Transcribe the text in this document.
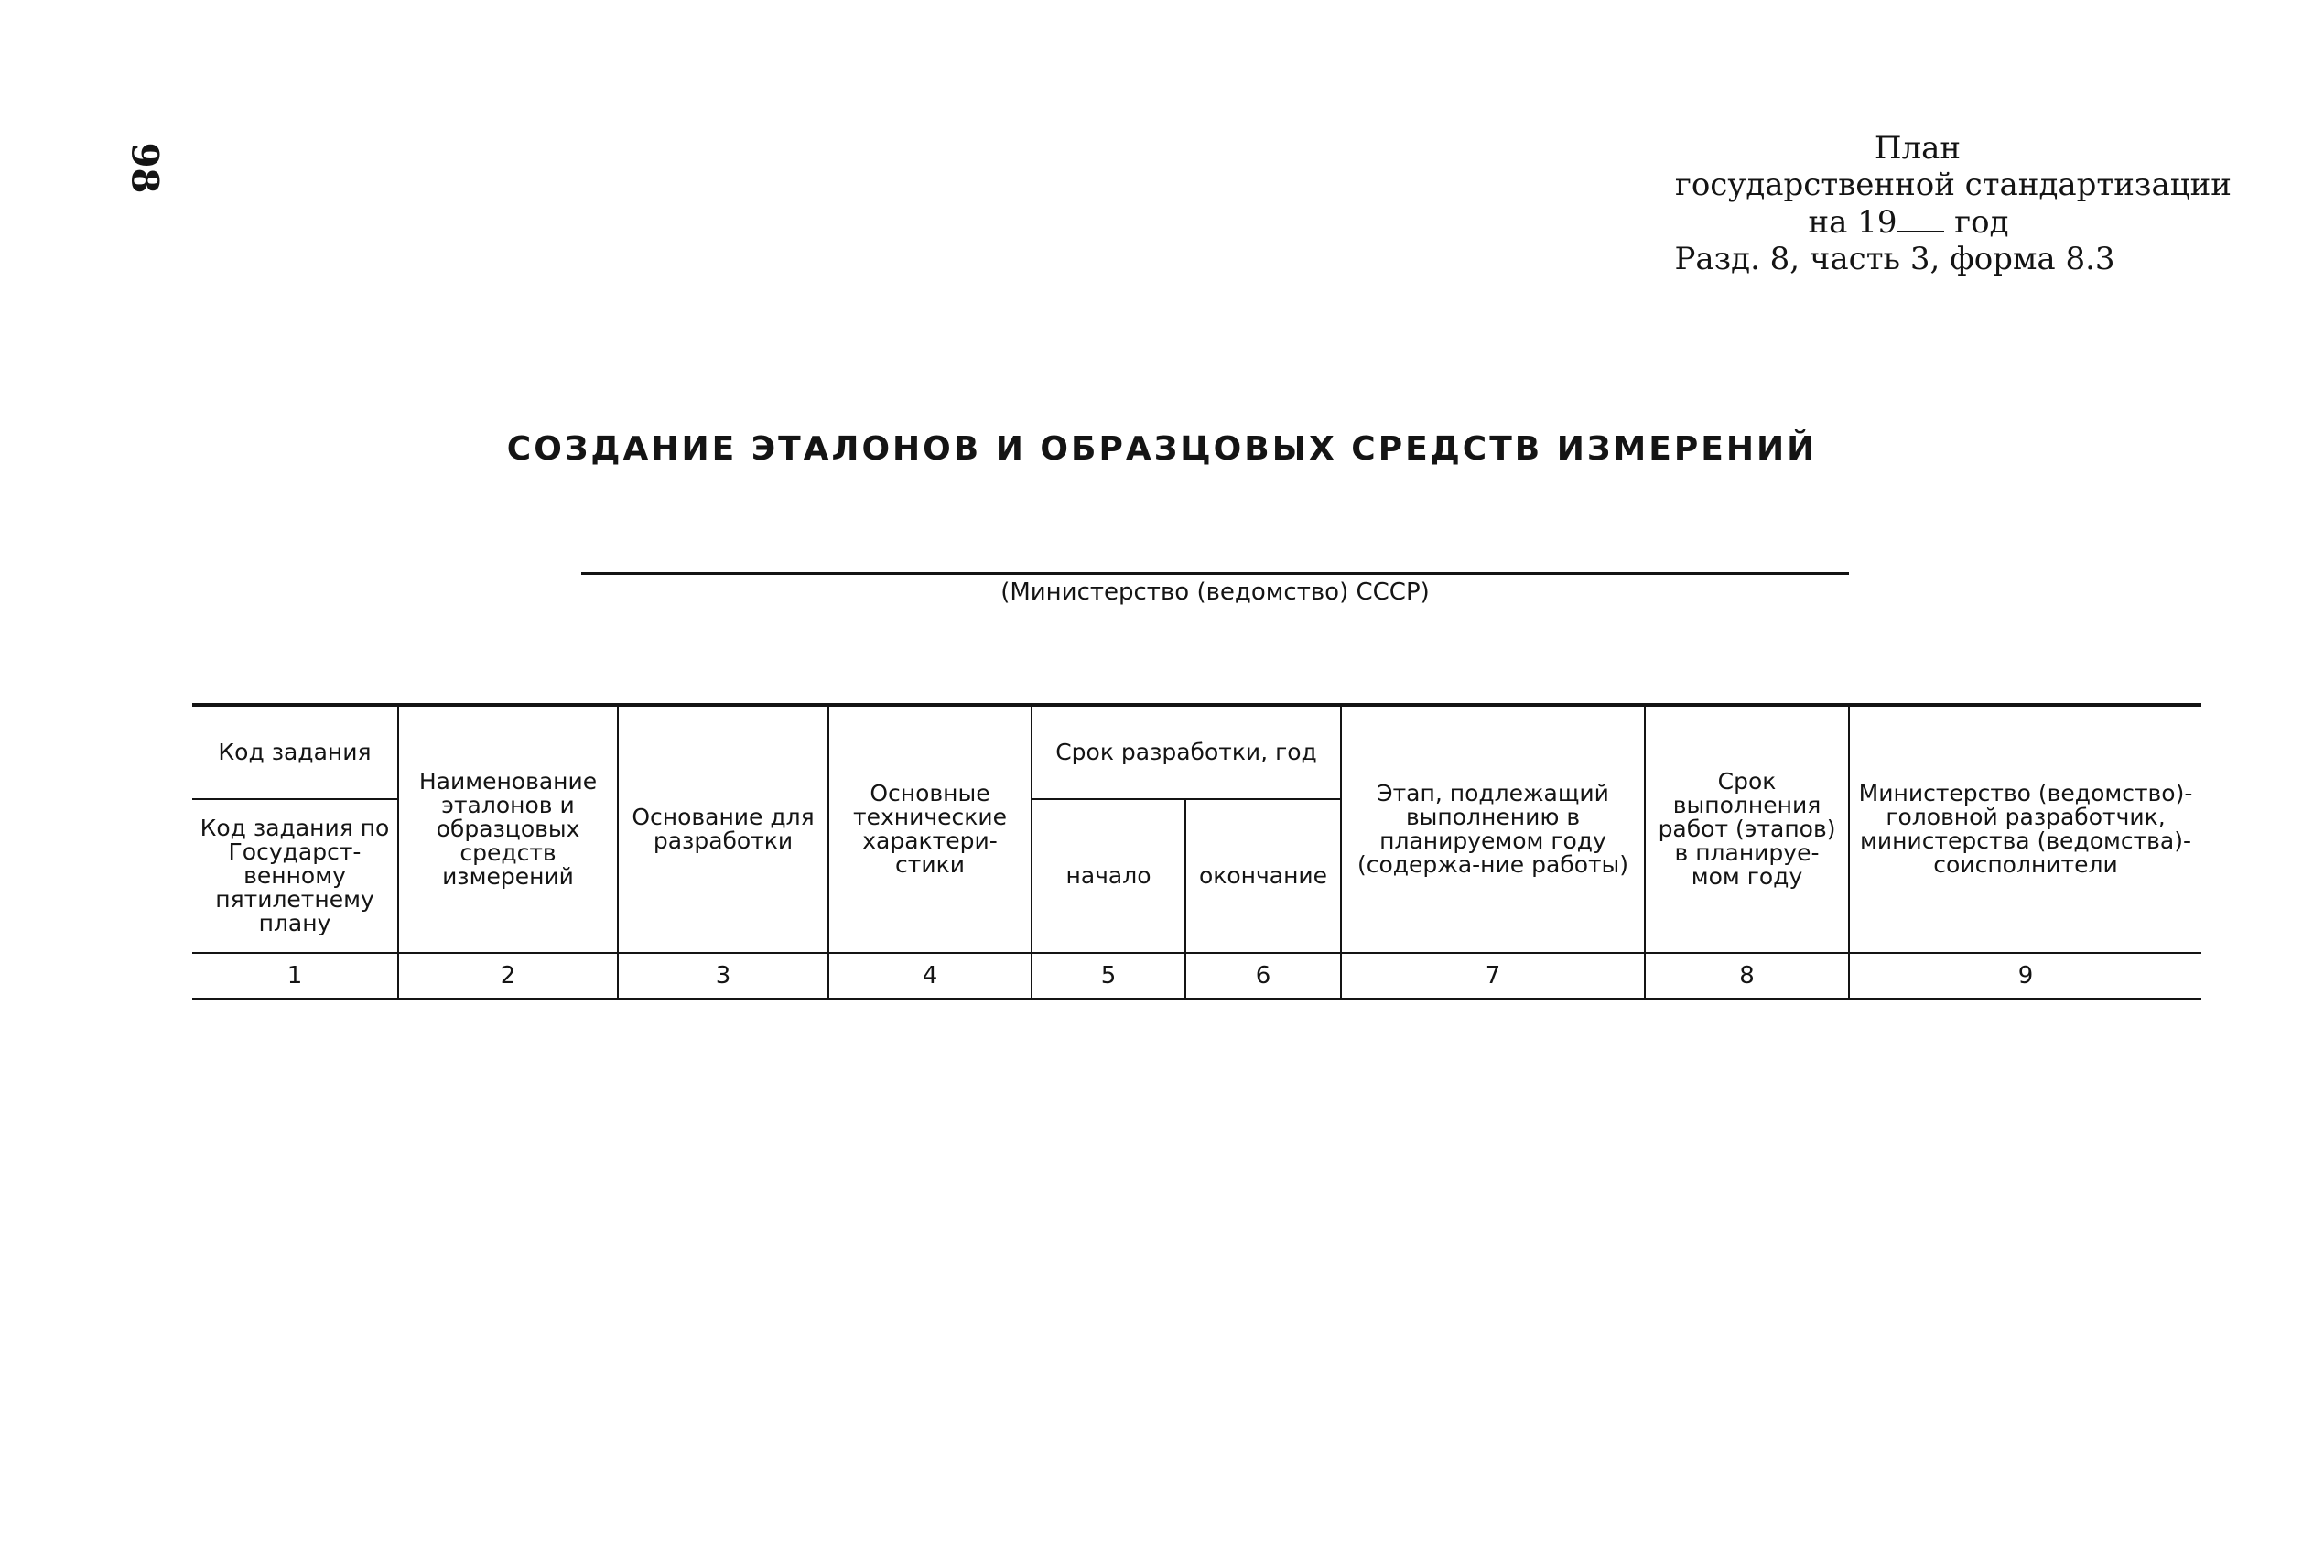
98	План
государственной стандартизации
на 19 год
Разд. 8, часть 3, форма 8.3
СОЗДАНИЕ ЭТАЛОНОВ И ОБРАЗЦОВЫХ СРЕДСТВ ИЗМЕРЕНИЙ
(Министерство (ведомство) СССР)
Код задания	Наименование эталонов и образцовых средств измерений	Основание для разработки	Основные технические характери-стики	Срок разработки, год		Этап, подлежащий выполнению в планируемом году (содержа-ние работы)	Срок выполнения работ (этапов) в планируе-мом году	Министерство (ведомство)-головной разработчик, министерства (ведомства)-соисполнители
Код задания по Государст-венному пятилетнему плану				начало	окончание			
1	2	3	4	5	6	7	8	9
